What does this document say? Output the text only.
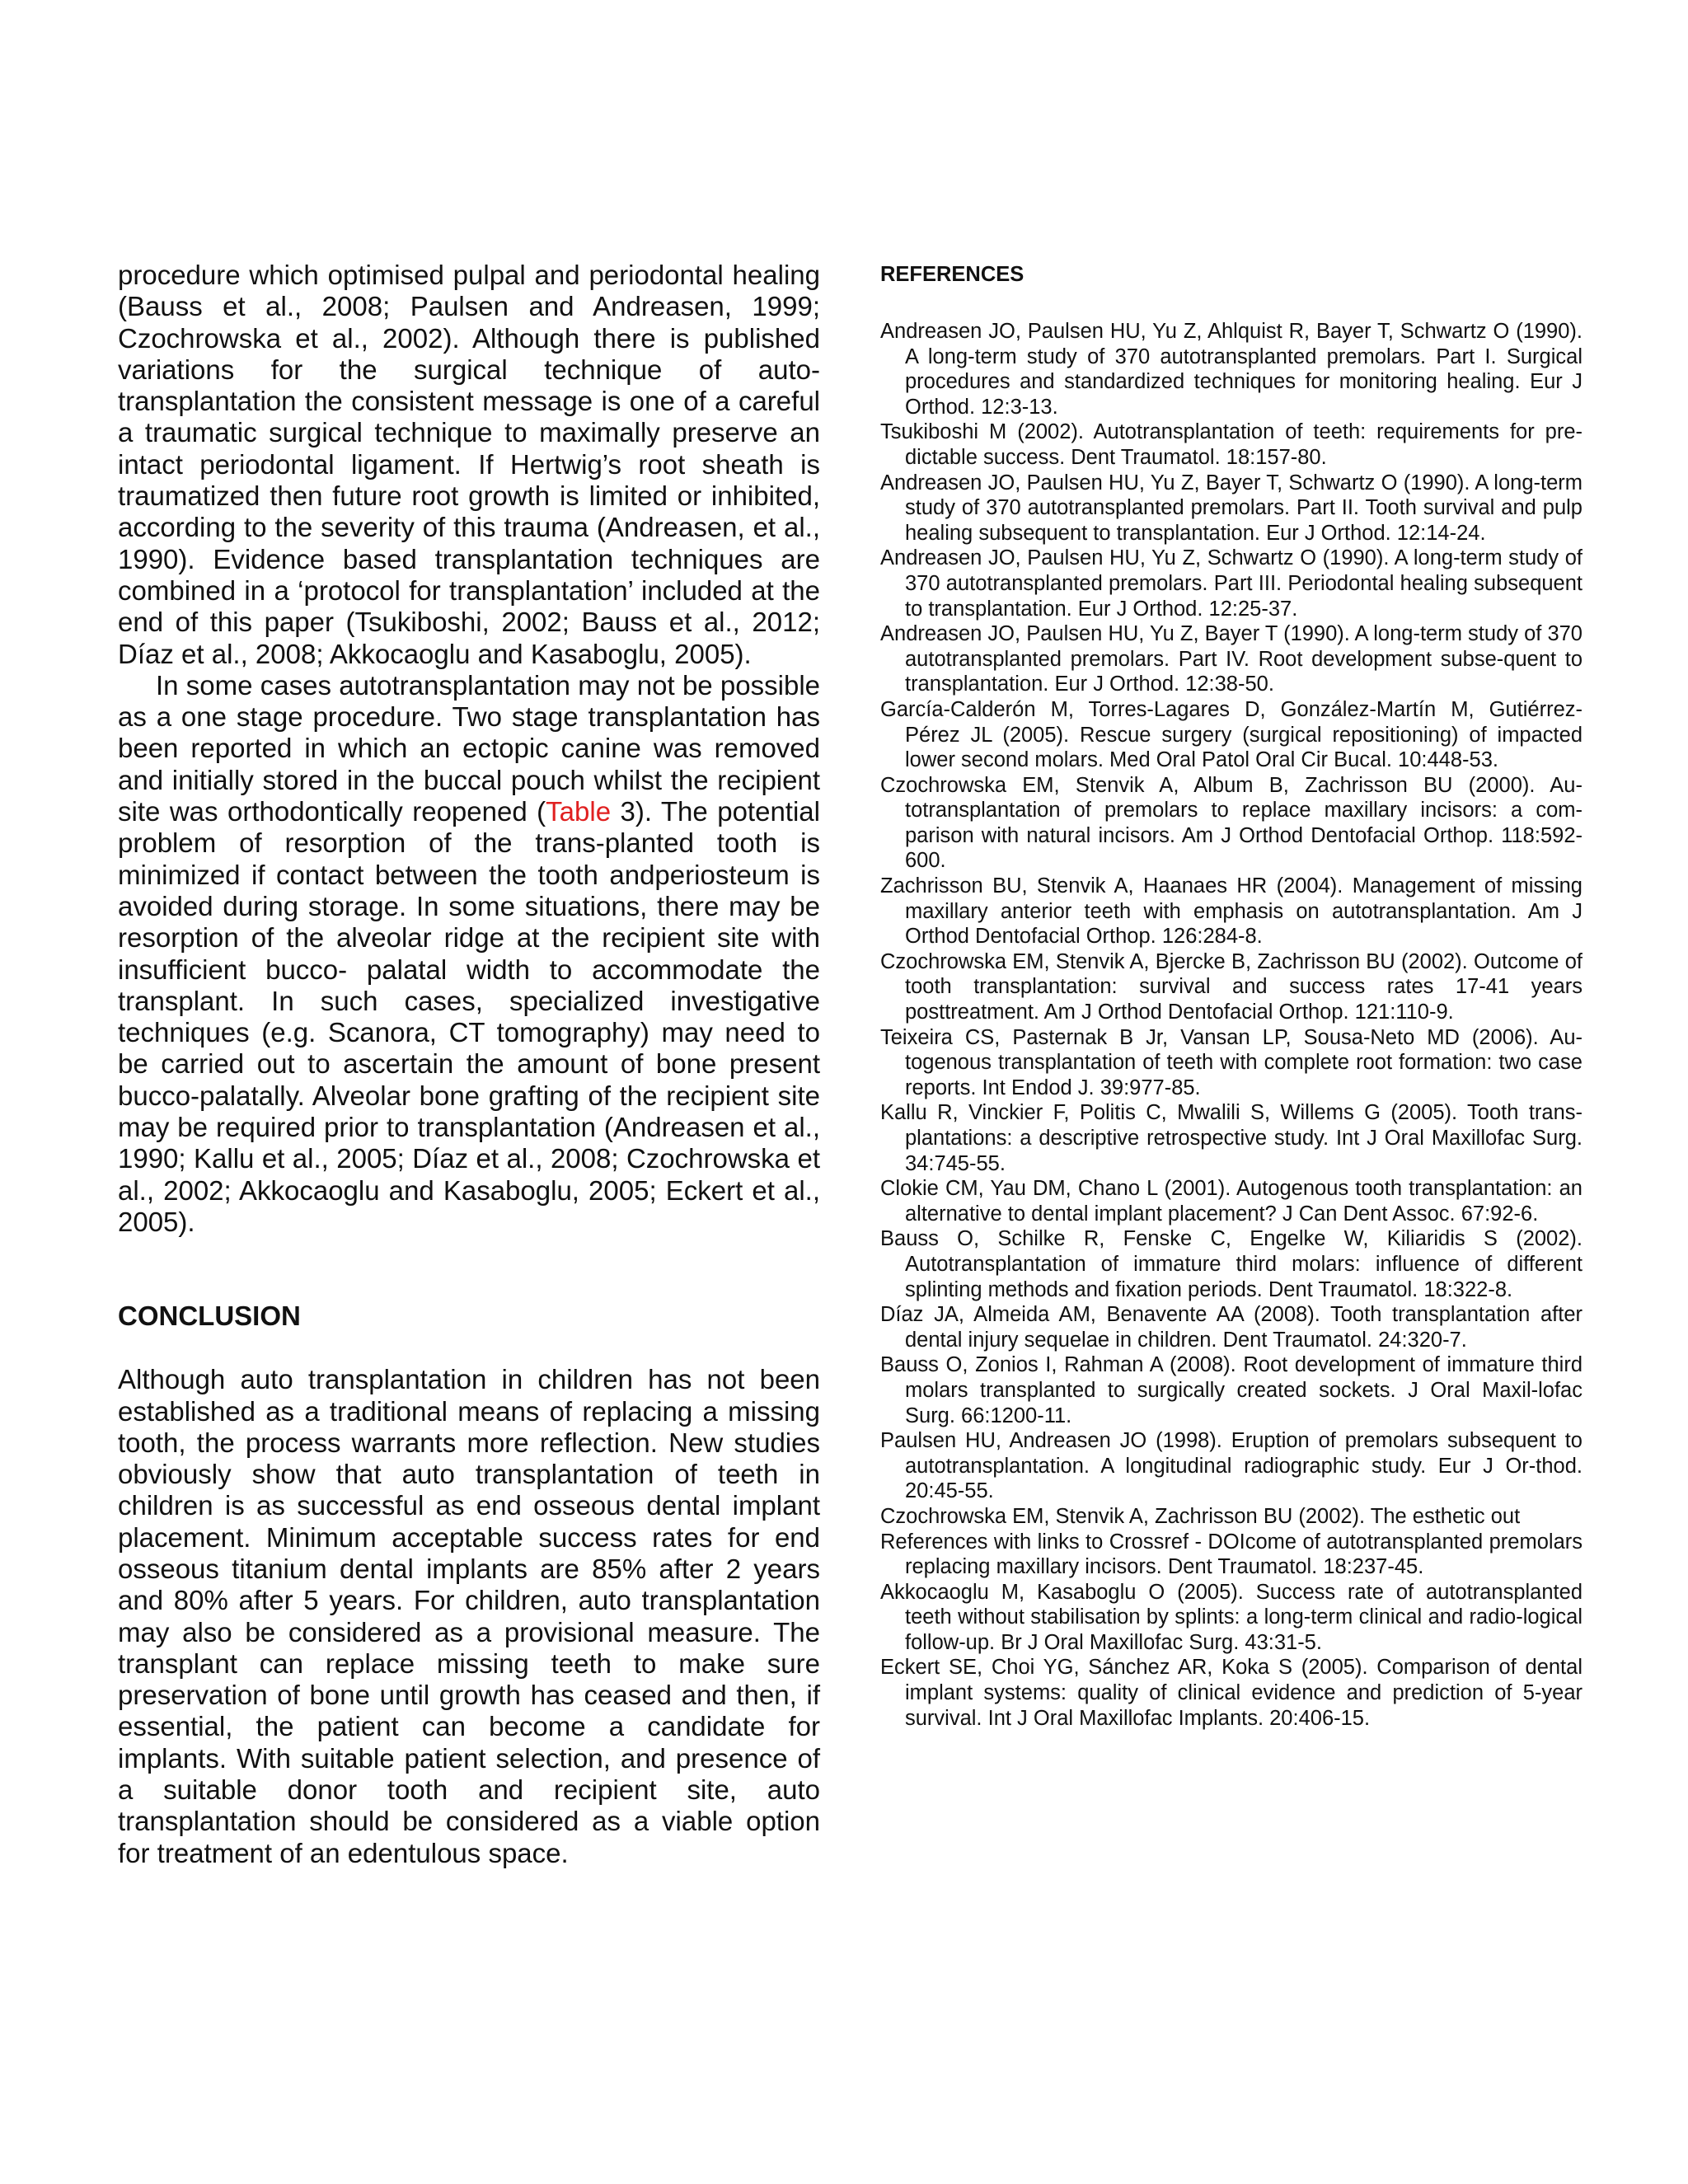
procedure which optimised pulpal and periodontal healing (Bauss et al., 2008; Paulsen and Andreasen, 1999; Czochrowska et al., 2002). Although there is published variations for the surgical technique of auto-transplantation the consistent message is one of a careful a traumatic surgical technique to maximally preserve an intact periodontal ligament. If Hertwig’s root sheath is traumatized then future root growth is limited or inhibited, according to the severity of this trauma (Andreasen, et al., 1990). Evidence based transplantation techniques are combined in a ‘protocol for transplantation’ included at the end of this paper (Tsukiboshi, 2002; Bauss et al., 2012; Díaz et al., 2008; Akkocaoglu and Kasaboglu, 2005).

In some cases autotransplantation may not be possible as a one stage procedure. Two stage transplantation has been reported in which an ectopic canine was removed and initially stored in the buccal pouch whilst the recipient site was orthodontically reopened (Table 3). The potential problem of resorption of the trans-planted tooth is minimized if contact between the tooth andperiosteum is avoided during storage. In some situations, there may be resorption of the alveolar ridge at the recipient site with insufficient bucco- palatal width to accommodate the transplant. In such cases, specialized investigative techniques (e.g. Scanora, CT tomography) may need to be carried out to ascertain the amount of bone present bucco-palatally. Alveolar bone grafting of the recipient site may be required prior to transplantation (Andreasen et al., 1990; Kallu et al., 2005; Díaz et al., 2008; Czochrowska et al., 2002; Akkocaoglu and Kasaboglu, 2005; Eckert et al., 2005).

CONCLUSION

Although auto transplantation in children has not been established as a traditional means of replacing a missing tooth, the process warrants more reflection. New studies obviously show that auto transplantation of teeth in children is as successful as end osseous dental implant placement. Minimum acceptable success rates for end osseous titanium dental implants are 85% after 2 years and 80% after 5 years. For children, auto transplantation may also be considered as a provisional measure. The transplant can replace missing teeth to make sure preservation of bone until growth has ceased and then, if essential, the patient can become a candidate for implants. With suitable patient selection, and presence of a suitable donor tooth and recipient site, auto transplantation should be considered as a viable option for treatment of an edentulous space.

REFERENCES

Andreasen JO, Paulsen HU, Yu Z, Ahlquist R, Bayer T, Schwartz O (1990). A long-term study of 370 autotransplanted premolars. Part I. Surgical procedures and standardized techniques for monitoring healing. Eur J Orthod. 12:3-13.

Tsukiboshi M (2002). Autotransplantation of teeth: requirements for pre-dictable success. Dent Traumatol. 18:157-80.

Andreasen JO, Paulsen HU, Yu Z, Bayer T, Schwartz O (1990). A long-term study of 370 autotransplanted premolars. Part II. Tooth survival and pulp healing subsequent to transplantation. Eur J Orthod. 12:14-24.

Andreasen JO, Paulsen HU, Yu Z, Schwartz O (1990). A long-term study of 370 autotransplanted premolars. Part III. Periodontal healing subsequent to transplantation. Eur J Orthod. 12:25-37.

Andreasen JO, Paulsen HU, Yu Z, Bayer T (1990). A long-term study of 370 autotransplanted premolars. Part IV. Root development subse-quent to transplantation. Eur J Orthod. 12:38-50.

García-Calderón M, Torres-Lagares D, González-Martín M, Gutiérrez-Pérez JL (2005). Rescue surgery (surgical repositioning) of impacted lower second molars. Med Oral Patol Oral Cir Bucal. 10:448-53.

Czochrowska EM, Stenvik A, Album B, Zachrisson BU (2000). Au-totransplantation of premolars to replace maxillary incisors: a com-parison with natural incisors. Am J Orthod Dentofacial Orthop. 118:592-600.

Zachrisson BU, Stenvik A, Haanaes HR (2004). Management of missing maxillary anterior teeth with emphasis on autotransplantation. Am J Orthod Dentofacial Orthop. 126:284-8.

Czochrowska EM, Stenvik A, Bjercke B, Zachrisson BU (2002). Outcome of tooth transplantation: survival and success rates 17-41 years posttreatment. Am J Orthod Dentofacial Orthop. 121:110-9.

Teixeira CS, Pasternak B Jr, Vansan LP, Sousa-Neto MD (2006). Au-togenous transplantation of teeth with complete root formation: two case reports. Int Endod J. 39:977-85.

Kallu R, Vinckier F, Politis C, Mwalili S, Willems G (2005). Tooth trans-plantations: a descriptive retrospective study. Int J Oral Maxillofac Surg. 34:745-55.

Clokie CM, Yau DM, Chano L (2001). Autogenous tooth transplantation: an alternative to dental implant placement? J Can Dent Assoc. 67:92-6.

Bauss O, Schilke R, Fenske C, Engelke W, Kiliaridis S (2002). Autotransplantation of immature third molars: influence of different splinting methods and fixation periods. Dent Traumatol. 18:322-8.

Díaz JA, Almeida AM, Benavente AA (2008). Tooth transplantation after dental injury sequelae in children. Dent Traumatol. 24:320-7.

Bauss O, Zonios I, Rahman A (2008). Root development of immature third molars transplanted to surgically created sockets. J Oral Maxil-lofac Surg. 66:1200-11.

Paulsen HU, Andreasen JO (1998). Eruption of premolars subsequent to autotransplantation. A longitudinal radiographic study. Eur J Or-thod. 20:45-55.

Czochrowska EM, Stenvik A, Zachrisson BU (2002). The esthetic out

References with links to Crossref - DOIcome of autotransplanted premolars replacing maxillary incisors. Dent Traumatol. 18:237-45.

Akkocaoglu M, Kasaboglu O (2005). Success rate of autotransplanted teeth without stabilisation by splints: a long-term clinical and radio-logical follow-up. Br J Oral Maxillofac Surg. 43:31-5.

Eckert SE, Choi YG, Sánchez AR, Koka S (2005). Comparison of dental implant systems: quality of clinical evidence and prediction of 5-year survival. Int J Oral Maxillofac Implants. 20:406-15.
